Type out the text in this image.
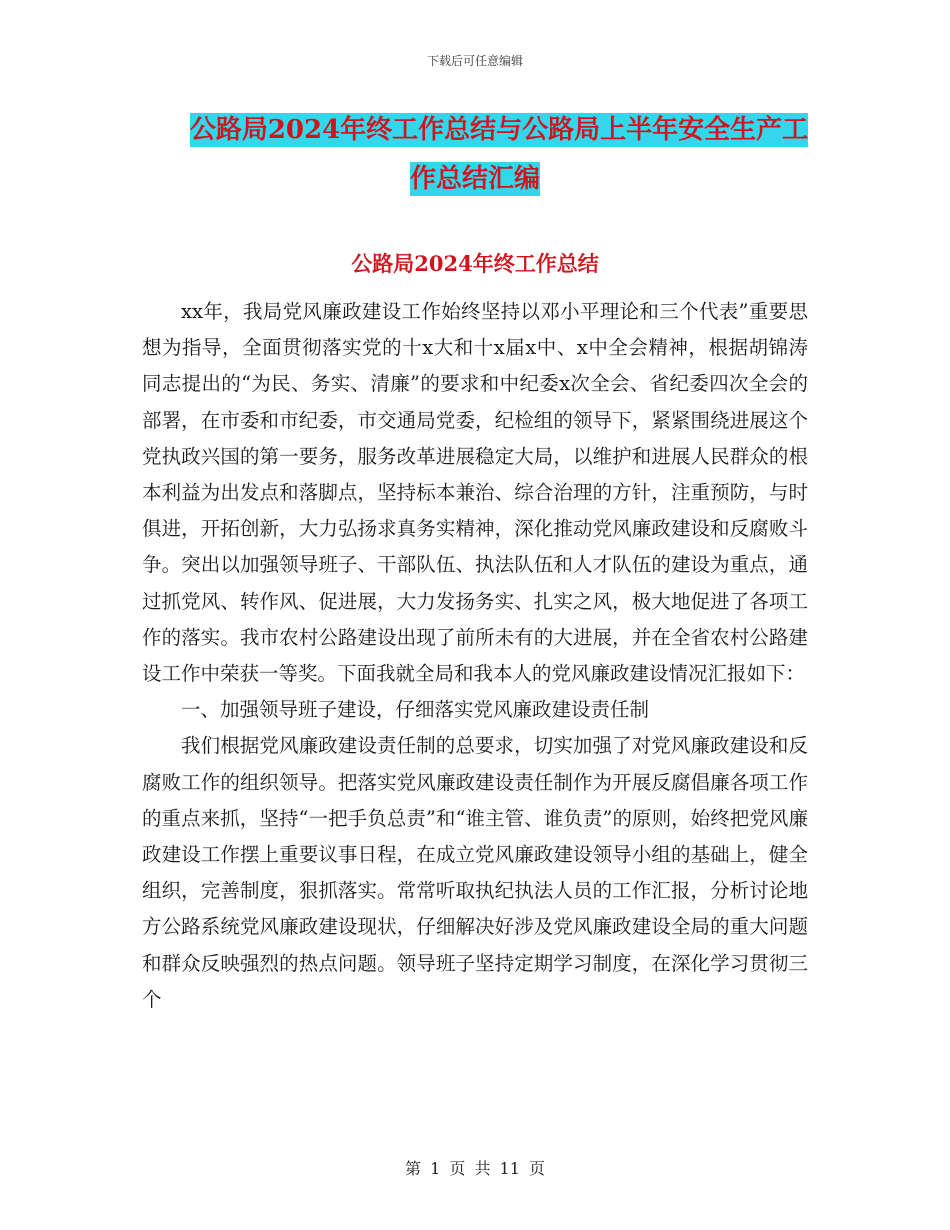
下载后可任意编辑
公路局2024年终工作总结与公路局上半年安全生产工
作总结汇编
公路局2024年终工作总结

xx年，我局党风廉政建设工作始终坚持以邓小平理论和三个代表”重要思想为指导，全面贯彻落实党的十x大和十x届x中、x中全会精神，根据胡锦涛同志提出的“为民、务实、清廉”的要求和中纪委x次全会、省纪委四次全会的部署，在市委和市纪委，市交通局党委，纪检组的领导下，紧紧围绕进展这个党执政兴国的第一要务，服务改革进展稳定大局，以维护和进展人民群众的根本利益为出发点和落脚点，坚持标本兼治、综合治理的方针，注重预防，与时俱进，开拓创新，大力弘扬求真务实精神，深化推动党风廉政建设和反腐败斗争。突出以加强领导班子、干部队伍、执法队伍和人才队伍的建设为重点，通过抓党风、转作风、促进展，大力发扬务实、扎实之风，极大地促进了各项工作的落实。我市农村公路建设出现了前所未有的大进展，并在全省农村公路建设工作中荣获一等奖。下面我就全局和我本人的党风廉政建设情况汇报如下：

一、加强领导班子建设，仔细落实党风廉政建设责任制

我们根据党风廉政建设责任制的总要求，切实加强了对党风廉政建设和反腐败工作的组织领导。把落实党风廉政建设责任制作为开展反腐倡廉各项工作的重点来抓，坚持“一把手负总责”和“谁主管、谁负责”的原则，始终把党风廉政建设工作摆上重要议事日程，在成立党风廉政建设领导小组的基础上，健全组织，完善制度，狠抓落实。常常听取执纪执法人员的工作汇报，分析讨论地方公路系统党风廉政建设现状，仔细解决好涉及党风廉政建设全局的重大问题和群众反映强烈的热点问题。领导班子坚持定期学习制度，在深化学习贯彻三个

第 1 页 共 11 页
